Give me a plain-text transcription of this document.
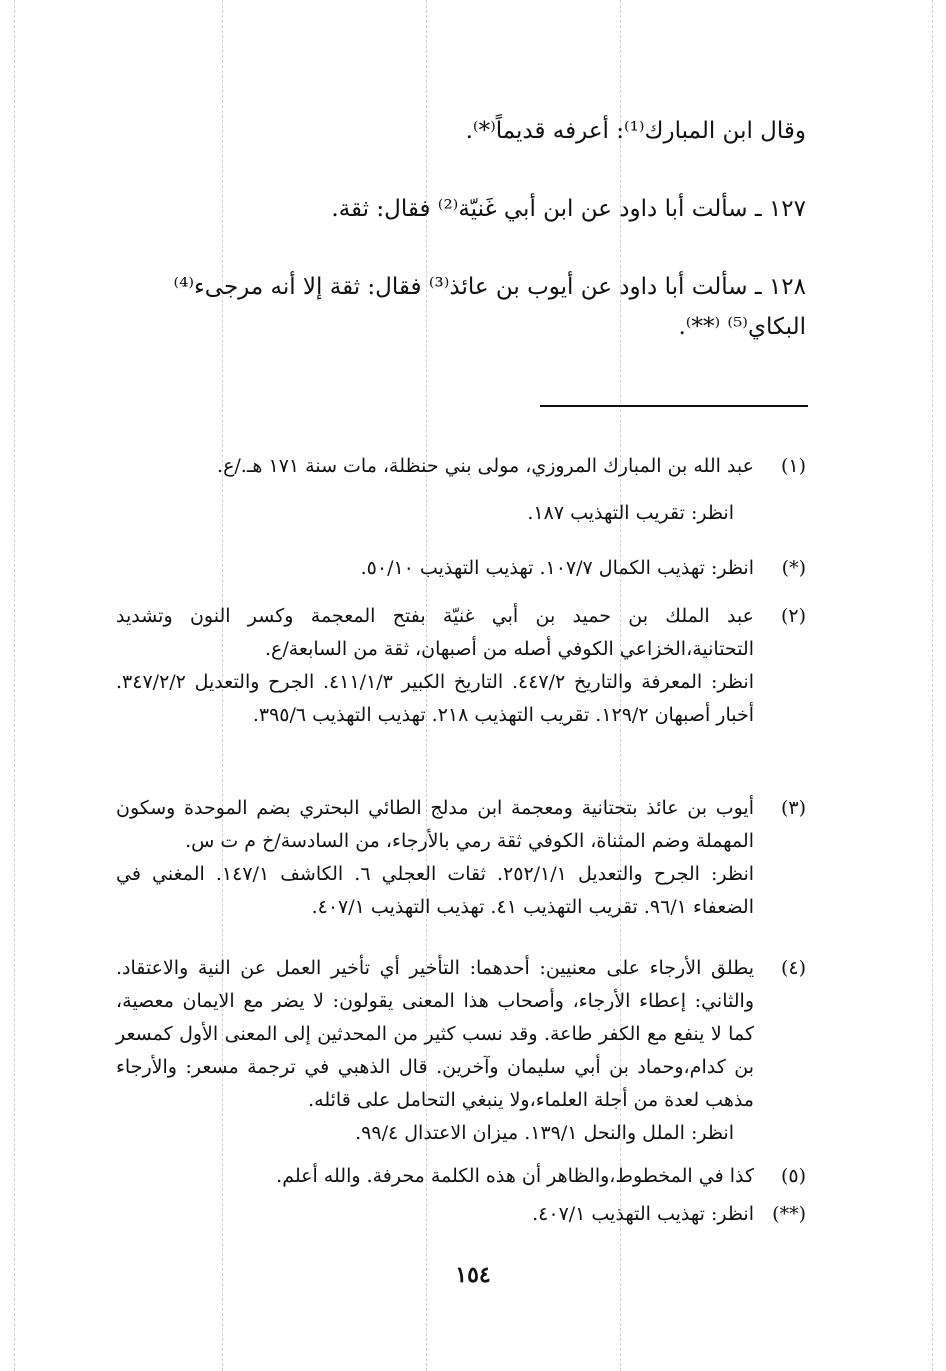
وقال ابن المبارك⁽¹⁾: أعرفه قديماً⁽*⁾.
١٢٧ ـ سألت أبا داود عن ابن أبي غَنيّة⁽²⁾ فقال: ثقة.
١٢٨ ـ سألت أبا داود عن أيوب بن عائذ⁽³⁾ فقال: ثقة إلا أنه مرجىء⁽⁴⁾
البكاي⁽⁵⁾ ⁽**⁾.
(١)
عبد الله بن المبارك المروزي، مولى بني حنظلة، مات سنة ١٧١ هـ./ع.
انظر: تقريب التهذيب ١٨٧.
(*)
انظر: تهذيب الكمال ١٠٧/٧. تهذيب التهذيب ٥٠/١٠.
(٢)
عبد الملك بن حميد بن أبي غنيّة بفتح المعجمة وكسر النون وتشديد التحتانية،الخزاعي الكوفي أصله من أصبهان، ثقة من السابعة/ع.
انظر: المعرفة والتاريخ ٤٤٧/٢. التاريخ الكبير ٤١١/١/٣. الجرح والتعديل ٣٤٧/٢/٢. أخبار أصبهان ١٢٩/٢. تقريب التهذيب ٢١٨. تهذيب التهذيب ٣٩٥/٦.
(٣)
أيوب بن عائذ بتحتانية ومعجمة ابن مدلج الطائي البحتري بضم الموحدة وسكون المهملة وضم المثناة، الكوفي ثقة رمي بالأرجاء، من السادسة/خ م ت س.
انظر: الجرح والتعديل ٢٥٢/١/١. ثقات العجلي ٦. الكاشف ١٤٧/١. المغني في الضعفاء ٩٦/١. تقريب التهذيب ٤١. تهذيب التهذيب ٤٠٧/١.
(٤)
يطلق الأرجاء على معنيين: أحدهما: التأخير أي تأخير العمل عن النية والاعتقاد. والثاني: إعطاء الأرجاء، وأصحاب هذا المعنى يقولون: لا يضر مع الايمان معصية، كما لا ينفع مع الكفر طاعة. وقد نسب كثير من المحدثين إلى المعنى الأول كمسعر بن كدام،وحماد بن أبي سليمان وآخرين. قال الذهبي في ترجمة مسعر: والأرجاء مذهب لعدة من أجلة العلماء،ولا ينبغي التحامل على قائله.
انظر: الملل والنحل ١٣٩/١. ميزان الاعتدال ٩٩/٤.
(٥)
كذا في المخطوط،والظاهر أن هذه الكلمة محرفة. والله أعلم.
(**)
انظر: تهذيب التهذيب ٤٠٧/١.
١٥٤
